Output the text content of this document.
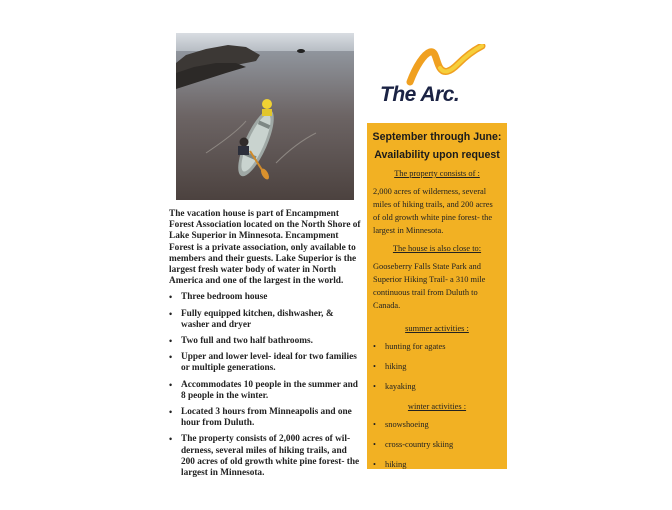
The vacation house is part of Encampment Forest Association located on the North Shore of Lake Superior in Minnesota. Encampment Forest is a private association, only available to members and their guests. Lake Superior is the largest fresh water body of water in North America and one of the largest in the world.

• Three bedroom house
• Fully equipped kitchen, dishwasher, & washer and dryer
• Two full and two half bathrooms.
• Upper and lower level- ideal for two families or multiple generations.
• Accommodates 10 people in the summer and 8 people in the winter.
• Located 3 hours from Minneapolis and one hour from Duluth.
• The property consists of 2,000 acres of wil-derness, several miles of hiking trails, and 200 acres of old growth white pine forest- the largest in Minnesota.
The Arc.
September through June:
Availability upon request
The property consists of :

2,000 acres of wilderness, several miles of hiking trails, and 200 acres of old growth white pine forest- the largest in Minnesota.

The house is also close to:

Gooseberry Falls State Park and Superior Hiking Trail- a 310 mile continuous trail from Duluth to Canada.

summer activities :
• hunting for agates
• hiking
• kayaking
winter activities :
• snowshoeing
• cross-country skiing
• hiking
